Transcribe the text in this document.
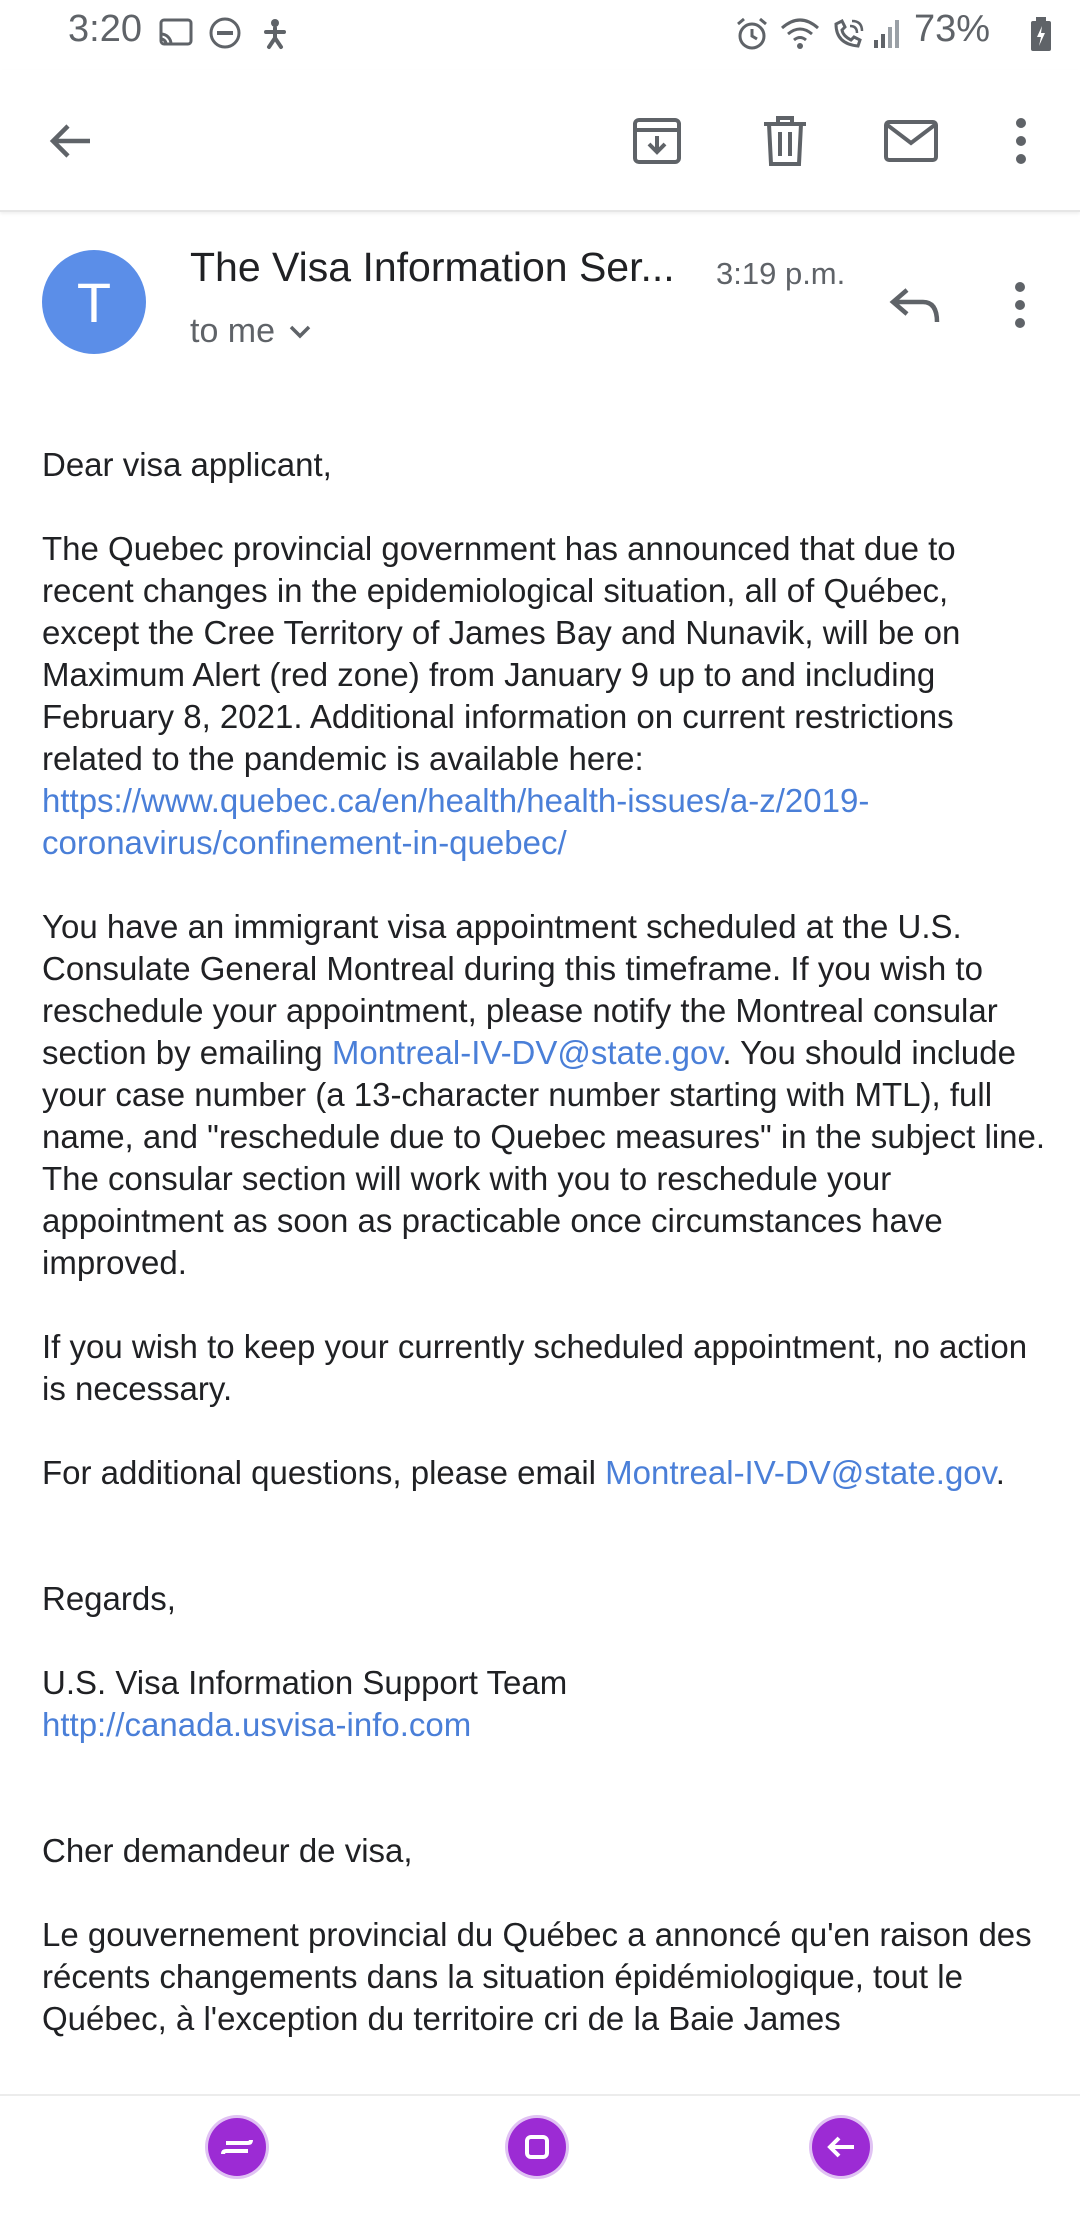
3:20	73%
T
The Visa Information Ser... 3:19 p.m.
to me

Dear visa applicant,

The Quebec provincial government has announced that due to recent changes in the epidemiological situation, all of Québec, except the Cree Territory of James Bay and Nunavik, will be on Maximum Alert (red zone) from January 9 up to and including February 8, 2021. Additional information on current restrictions related to the pandemic is available here: https://www.quebec.ca/en/health/health-issues/a-z/2019-coronavirus/confinement-in-quebec/

You have an immigrant visa appointment scheduled at the U.S. Consulate General Montreal during this timeframe. If you wish to reschedule your appointment, please notify the Montreal consular section by emailing Montreal-IV-DV@state.gov. You should include your case number (a 13-character number starting with MTL), full name, and "reschedule due to Quebec measures" in the subject line. The consular section will work with you to reschedule your appointment as soon as practicable once circumstances have improved.

If you wish to keep your currently scheduled appointment, no action is necessary.

For additional questions, please email Montreal-IV-DV@state.gov.

Regards,

U.S. Visa Information Support Team
http://canada.usvisa-info.com

Cher demandeur de visa,

Le gouvernement provincial du Québec a annoncé qu'en raison des récents changements dans la situation épidémiologique, tout le Québec, à l'exception du territoire cri de la Baie James
